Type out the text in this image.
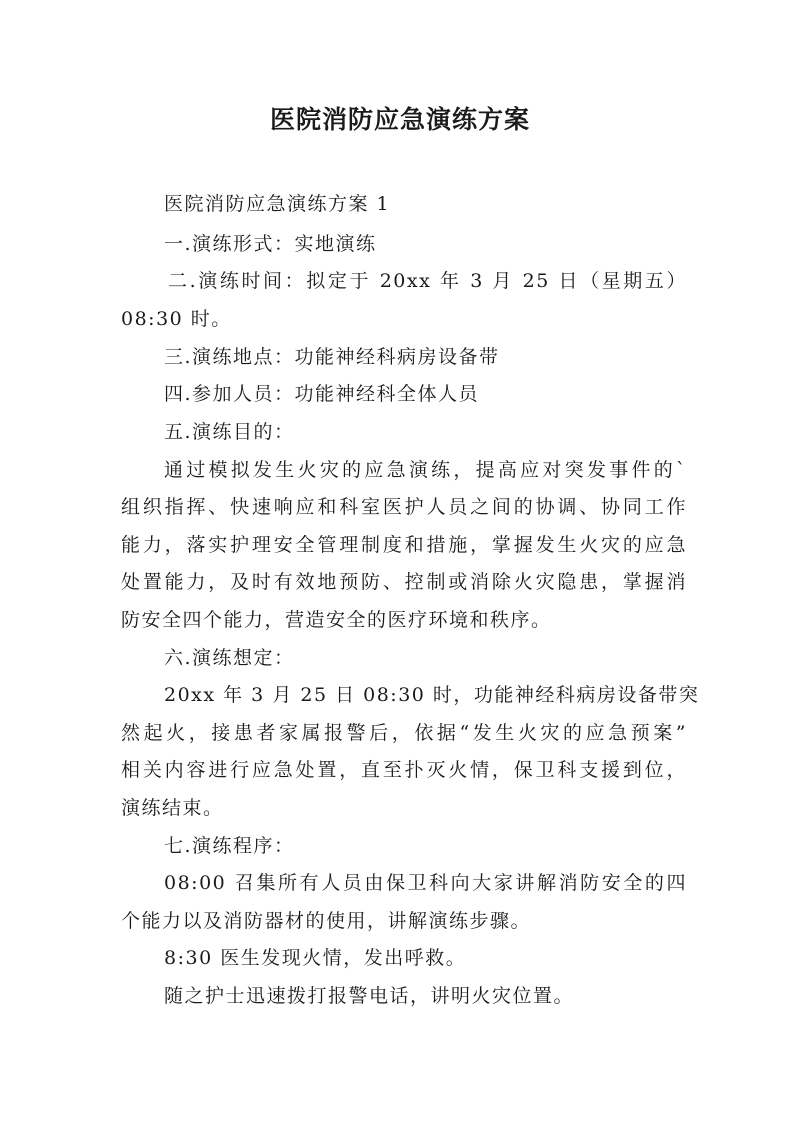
医院消防应急演练方案
医院消防应急演练方案 1
一.演练形式：实地演练
二.演练时间：拟定于 20xx 年 3 月 25 日（星期五）
08:30 时。
三.演练地点：功能神经科病房设备带
四.参加人员：功能神经科全体人员
五.演练目的：
通过模拟发生火灾的应急演练，提高应对突发事件的`
组织指挥、快速响应和科室医护人员之间的协调、协同工作
能力，落实护理安全管理制度和措施，掌握发生火灾的应急
处置能力，及时有效地预防、控制或消除火灾隐患，掌握消
防安全四个能力，营造安全的医疗环境和秩序。
六.演练想定：
20xx 年 3 月 25 日 08:30 时，功能神经科病房设备带突
然起火，接患者家属报警后，依据“发生火灾的应急预案”
相关内容进行应急处置，直至扑灭火情，保卫科支援到位，
演练结束。
七.演练程序：
08:00 召集所有人员由保卫科向大家讲解消防安全的四
个能力以及消防器材的使用，讲解演练步骤。
8:30 医生发现火情，发出呼救。
随之护士迅速拨打报警电话，讲明火灾位置。
